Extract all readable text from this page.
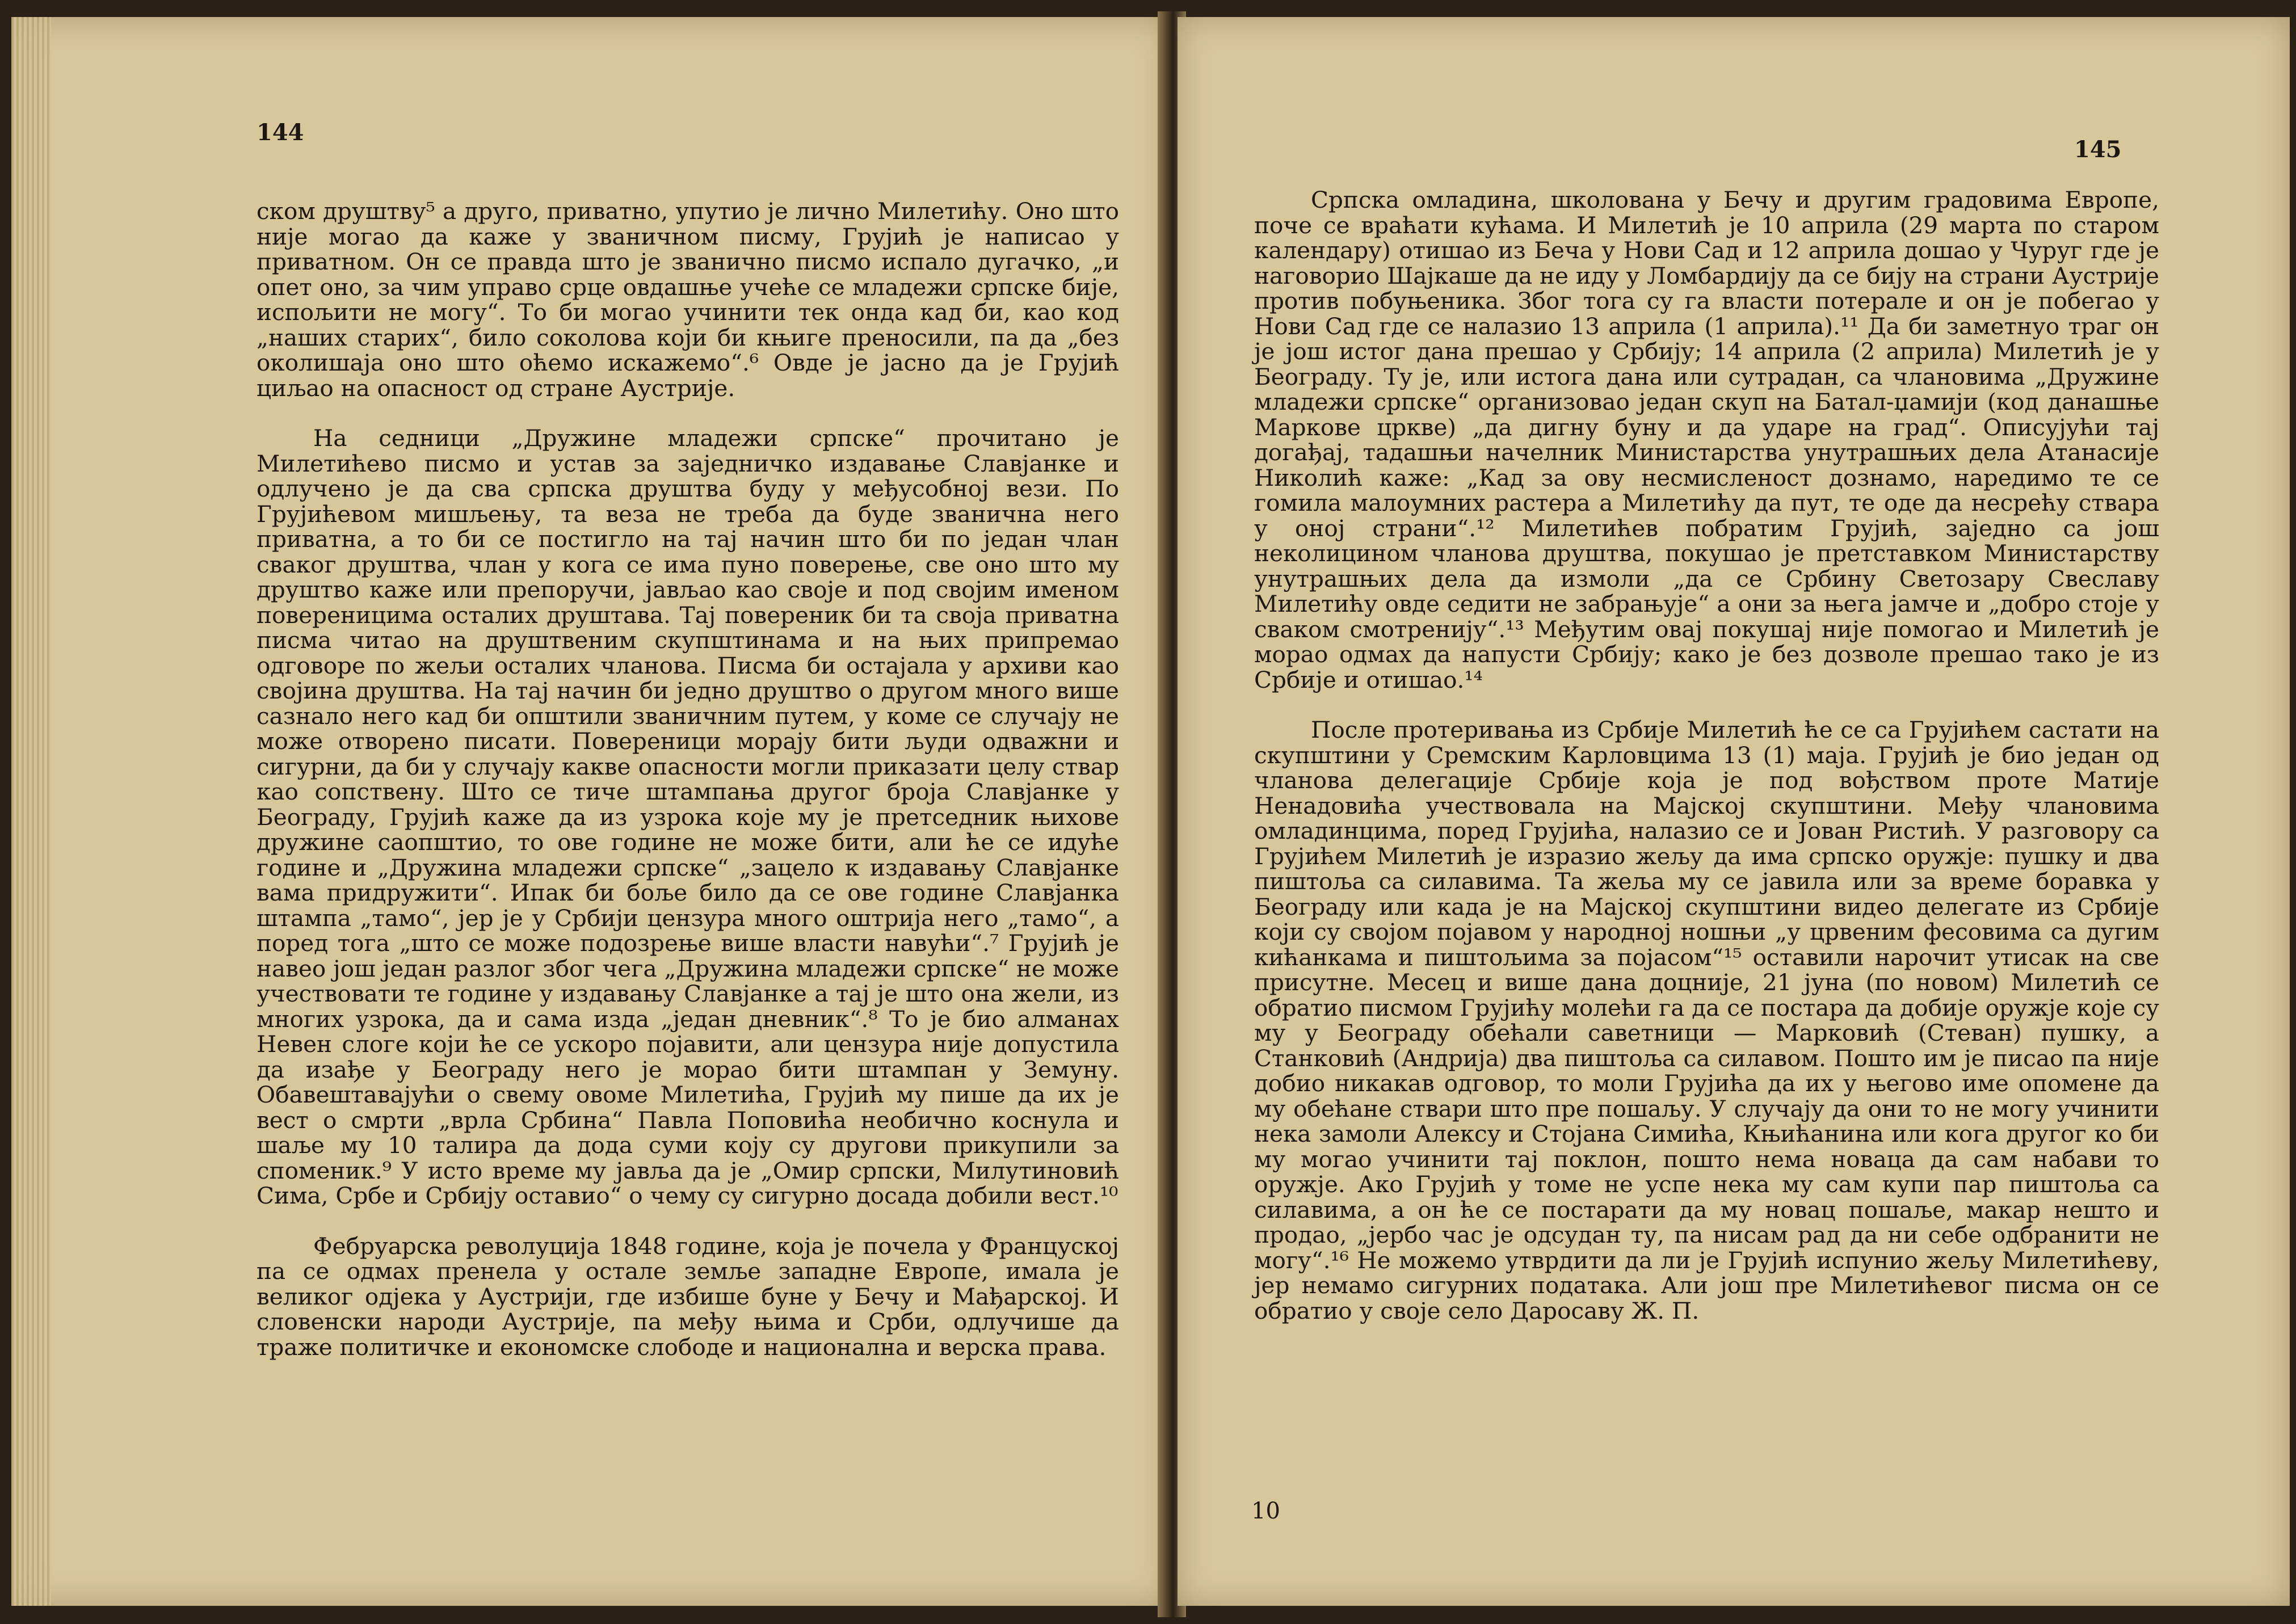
144

ском друштву⁵ а друго, приватно, упутио је лично Милетићу. Оно што није могао да каже у званичном писму, Грујић је написао у приватном. Он се правда што је званично писмо испало дугачко, „и опет оно, за чим управо срце овдашње учеће се младежи српске бије, испољити не могу“. То би могао учинити тек онда кад би, као код „наших старих“, било соколова који би књиге преносили, па да „без околишаја оно што оћемо искажемо“.⁶ Овде је јасно да је Грујић циљао на опасност од стране Аустрије.

На седници „Дружине младежи српске“ прочитано је Милетићево писмо и устав за заједничко издавање Славјанке и одлучено је да сва српска друштва буду у међусобној вези. По Грујићевом мишљењу, та веза не треба да буде званична него приватна, а то би се постигло на тај начин што би по један члан сваког друштва, члан у кога се има пуно поверење, све оно што му друштво каже или препоручи, јављао као своје и под својим именом повереницима осталих друштава. Тај повереник би та своја приватна писма читао на друштвеним скупштинама и на њих припремао одговоре по жељи осталих чланова. Писма би остајала у архиви као својина друштва. На тај начин би једно друштво о другом много више сазнало него кад би општили званичним путем, у коме се случају не може отворено писати. Повереници морају бити људи одважни и сигурни, да би у случају какве опасности могли приказати целу ствар као сопствену. Што се тиче штампања другог броја Славјанке у Београду, Грујић каже да из узрока које му је претседник њихове дружине саопштио, то ове године не може бити, али ће се идуће године и „Дружина младежи српске“ „зацело к издавању Славјанке вама придружити“. Ипак би боље било да се ове године Славјанка штампа „тамо“, јер је у Србији цензура много оштрија него „тамо“, а поред тога „што се може подозрење више власти навући“.⁷ Грујић је навео још један разлог због чега „Дружина младежи српске“ не може учествовати те године у издавању Славјанке а тај је што она жели, из многих узрока, да и сама изда „један дневник“.⁸ То је био алманах Невен слоге који ће се ускоро појавити, али цензура није допустила да изађе у Београду него је морао бити штампан у Земуну. Обавештавајући о свему овоме Милетића, Грујић му пише да их је вест о смрти „врла Србина“ Павла Поповића необично коснула и шаље му 10 талира да дода суми коју су другови прикупили за споменик.⁹ У исто време му јавља да је „Омир српски, Милутиновић Сима, Србе и Србију оставио“ о чему су сигурно досада добили вест.¹⁰

Фебруарска револуција 1848 године, која је почела у Француској па се одмах пренела у остале земље западне Европе, имала је великог одјека у Аустрији, где избише буне у Бечу и Мађарској. И словенски народи Аустрије, па међу њима и Срби, одлучише да траже политичке и економске слободе и национална и верска права.

145

Српска омладина, школована у Бечу и другим градовима Европе, поче се враћати кућама. И Милетић је 10 априла (29 марта по старом календару) отишао из Беча у Нови Сад и 12 априла дошао у Чуруг где је наговорио Шајкаше да не иду у Ломбардију да се бију на страни Аустрије против побуњеника. Због тога су га власти потерале и он је побегао у Нови Сад где се налазио 13 априла (1 априла).¹¹ Да би заметнуо траг он је још истог дана прешао у Србију; 14 априла (2 априла) Милетић је у Београду. Ту је, или истога дана или сутрадан, са члановима „Дружине младежи српске“ организовао један скуп на Батал-џамији (код данашње Маркове цркве) „да дигну буну и да ударе на град“. Описујући тај догађај, тадашњи начелник Министарства унутрашњих дела Атанасије Николић каже: „Кад за ову несмисленост дознамо, наредимо те се гомила малоумних растера а Милетићу да пут, те оде да несрећу ствара у оној страни“.¹² Милетићев побратим Грујић, заједно са још неколицином чланова друштва, покушао је претставком Министарству унутрашњих дела да измоли „да се Србину Светозару Свеславу Милетићу овде седити не забрањује“ а они за њега јамче и „добро стоје у сваком смотренију“.¹³ Међутим овај покушај није помогао и Милетић је морао одмах да напусти Србију; како је без дозволе прешао тако је из Србије и отишао.¹⁴

После протеривања из Србије Милетић ће се са Грујићем састати на скупштини у Сремским Карловцима 13 (1) маја. Грујић је био један од чланова делегације Србије која је под вођством проте Матије Ненадовића учествовала на Мајској скупштини. Међу члановима омладинцима, поред Грујића, налазио се и Јован Ристић. У разговору са Грујићем Милетић је изразио жељу да има српско оружје: пушку и два пиштоља са силавима. Та жеља му се јавила или за време боравка у Београду или када је на Мајској скупштини видео делегате из Србије који су својом појавом у народној ношњи „у црвеним фесовима са дугим кићанкама и пиштољима за појасом“¹⁵ оставили нарочит утисак на све присутне. Месец и више дана доцније, 21 јуна (по новом) Милетић се обратио писмом Грујићу молећи га да се постара да добије оружје које су му у Београду обећали саветници — Марковић (Стеван) пушку, а Станковић (Андрија) два пиштоља са силавом. Пошто им је писао па није добио никакав одговор, то моли Грујића да их у његово име опомене да му обећане ствари што пре пошаљу. У случају да они то не могу учинити нека замоли Алексу и Стојана Симића, Књићанина или кога другог ко би му могао учинити тај поклон, пошто нема новаца да сам набави то оружје. Ако Грујић у томе не успе нека му сам купи пар пиштоља са силавима, а он ће се постарати да му новац пошаље, макар нешто и продао, „јербо час је одсудан ту, па нисам рад да ни себе одбранити не могу“.¹⁶ Не можемо утврдити да ли је Грујић испунио жељу Милетићеву, јер немамо сигурних података. Али још пре Милетићевог писма он се обратио у своје село Даросаву Ж. П.

10
